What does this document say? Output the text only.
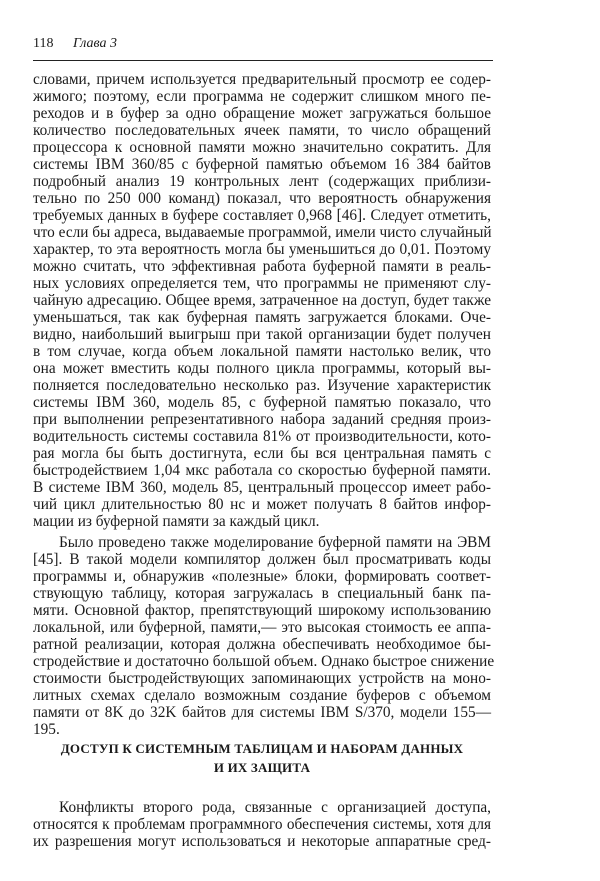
118 Глава 3
словами, причем используется предварительный просмотр ее содер-
жимого; поэтому, если программа не содержит слишком много пе-
реходов и в буфер за одно обращение может загружаться большое
количество последовательных ячеек памяти, то число обращений
процессора к основной памяти можно значительно сократить. Для
системы IBM 360/85 с буферной памятью объемом 16 384 байтов
подробный анализ 19 контрольных лент (содержащих приблизи-
тельно по 250 000 команд) показал, что вероятность обнаружения
требуемых данных в буфере составляет 0,968 [46]. Следует отметить,
что если бы адреса, выдаваемые программой, имели чисто случайный
характер, то эта вероятность могла бы уменьшиться до 0,01. Поэтому
можно считать, что эффективная работа буферной памяти в реаль-
ных условиях определяется тем, что программы не применяют слу-
чайную адресацию. Общее время, затраченное на доступ, будет также
уменьшаться, так как буферная память загружается блоками. Оче-
видно, наибольший выигрыш при такой организации будет получен
в том случае, когда объем локальной памяти настолько велик, что
она может вместить коды полного цикла программы, который вы-
полняется последовательно несколько раз. Изучение характеристик
системы IBM 360, модель 85, с буферной памятью показало, что
при выполнении репрезентативного набора заданий средняя произ-
водительность системы составила 81% от производительности, кото-
рая могла бы быть достигнута, если бы вся центральная память с
быстродействием 1,04 мкс работала со скоростью буферной памяти.
В системе IBM 360, модель 85, центральный процессор имеет рабо-
чий цикл длительностью 80 нс и может получать 8 байтов инфор-
мации из буферной памяти за каждый цикл.
Было проведено также моделирование буферной памяти на ЭВМ
[45]. В такой модели компилятор должен был просматривать коды
программы и, обнаружив «полезные» блоки, формировать соответ-
ствующую таблицу, которая загружалась в специальный банк па-
мяти. Основной фактор, препятствующий широкому использованию
локальной, или буферной, памяти,— это высокая стоимость ее аппа-
ратной реализации, которая должна обеспечивать необходимое бы-
стродействие и достаточно большой объем. Однако быстрое снижение
стоимости быстродействующих запоминающих устройств на моно-
литных схемах сделало возможным создание буферов с объемом
памяти от 8K до 32K байтов для системы IBM S/370, модели 155—
195.
ДОСТУП К СИСТЕМНЫМ ТАБЛИЦАМ И НАБОРАМ ДАННЫХ
И ИХ ЗАЩИТА
Конфликты второго рода, связанные с организацией доступа,
относятся к проблемам программного обеспечения системы, хотя для
их разрешения могут использоваться и некоторые аппаратные сред-
